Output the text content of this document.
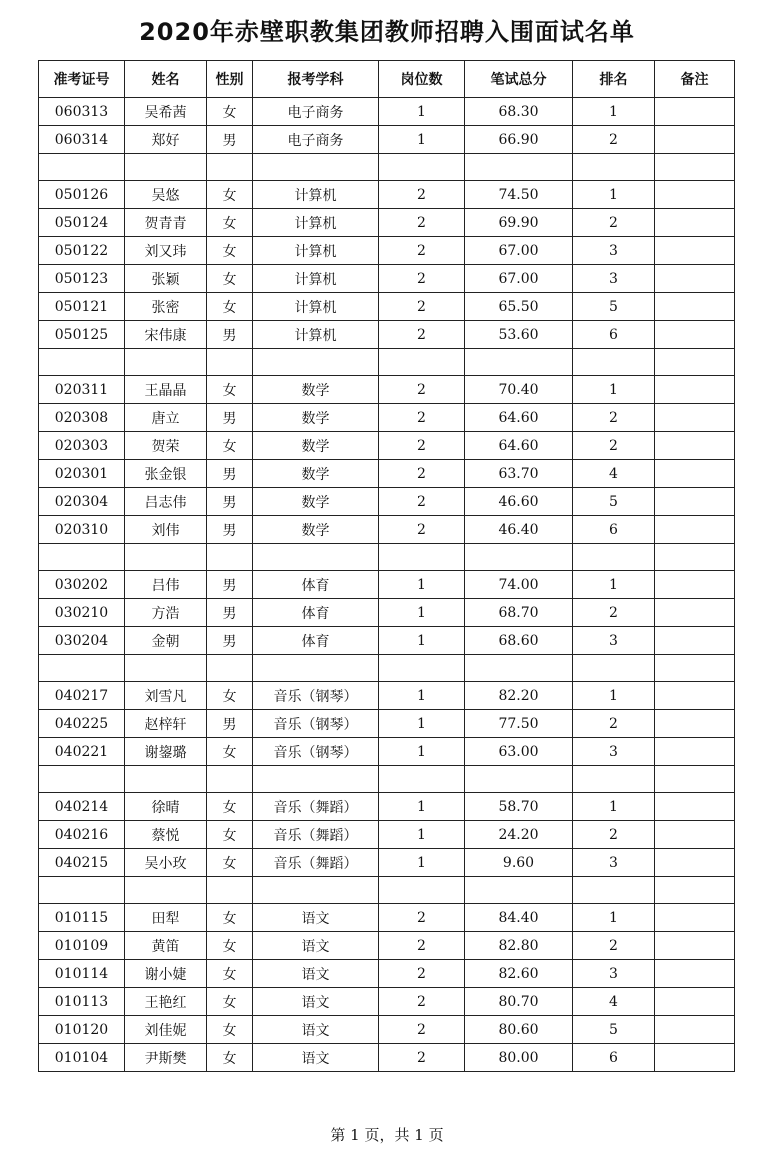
2020年赤壁职教集团教师招聘入围面试名单
准考证号	姓名	性别	报考学科	岗位数	笔试总分	排名	备注
060313	吴希茜	女	电子商务	1	68.30	1	
060314	郑好	男	电子商务	1	66.90	2	

050126	吴悠	女	计算机	2	74.50	1	
050124	贺青青	女	计算机	2	69.90	2	
050122	刘又玮	女	计算机	2	67.00	3	
050123	张颖	女	计算机	2	67.00	3	
050121	张密	女	计算机	2	65.50	5	
050125	宋伟康	男	计算机	2	53.60	6	

020311	王晶晶	女	数学	2	70.40	1	
020308	唐立	男	数学	2	64.60	2	
020303	贺荣	女	数学	2	64.60	2	
020301	张金银	男	数学	2	63.70	4	
020304	吕志伟	男	数学	2	46.60	5	
020310	刘伟	男	数学	2	46.40	6	

030202	吕伟	男	体育	1	74.00	1	
030210	方浩	男	体育	1	68.70	2	
030204	金朝	男	体育	1	68.60	3	

040217	刘雪凡	女	音乐（钢琴）	1	82.20	1	
040225	赵梓轩	男	音乐（钢琴）	1	77.50	2	
040221	谢鋆璐	女	音乐（钢琴）	1	63.00	3	

040214	徐晴	女	音乐（舞蹈）	1	58.70	1	
040216	蔡悦	女	音乐（舞蹈）	1	24.20	2	
040215	吴小玫	女	音乐（舞蹈）	1	9.60	3	

010115	田犁	女	语文	2	84.40	1	
010109	黄笛	女	语文	2	82.80	2	
010114	谢小婕	女	语文	2	82.60	3	
010113	王艳红	女	语文	2	80.70	4	
010120	刘佳妮	女	语文	2	80.60	5	
010104	尹斯樊	女	语文	2	80.00	6	
第 1 页，共 1 页
